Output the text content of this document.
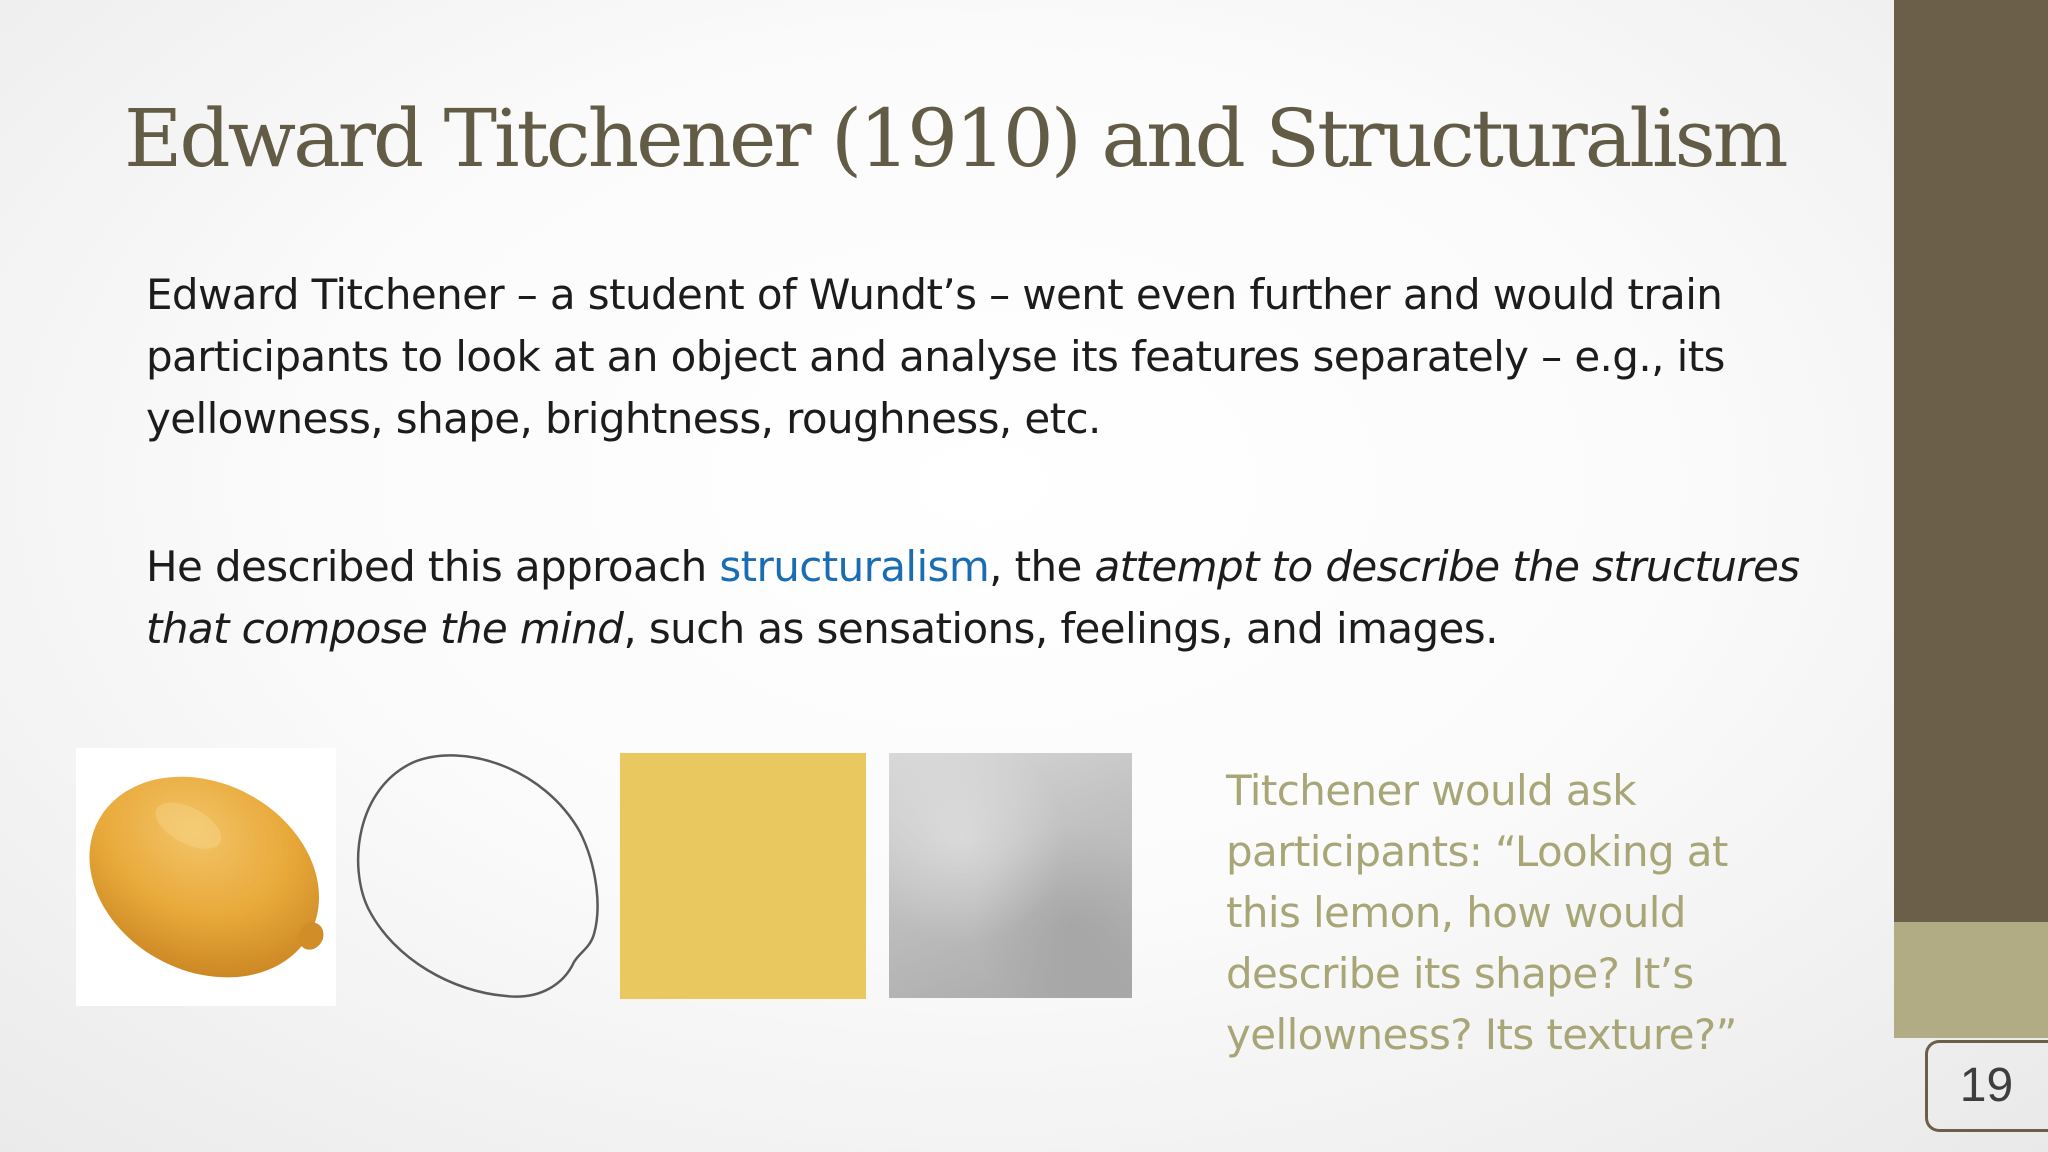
Edward Titchener (1910) and Structuralism

Edward Titchener – a student of Wundt’s – went even further and would train participants to look at an object and analyse its features separately – e.g., its yellowness, shape, brightness, roughness, etc.

He described this approach structuralism, the attempt to describe the structures that compose the mind, such as sensations, feelings, and images.

Titchener would ask participants: “Looking at this lemon, how would describe its shape? It’s yellowness? Its texture?”

19
